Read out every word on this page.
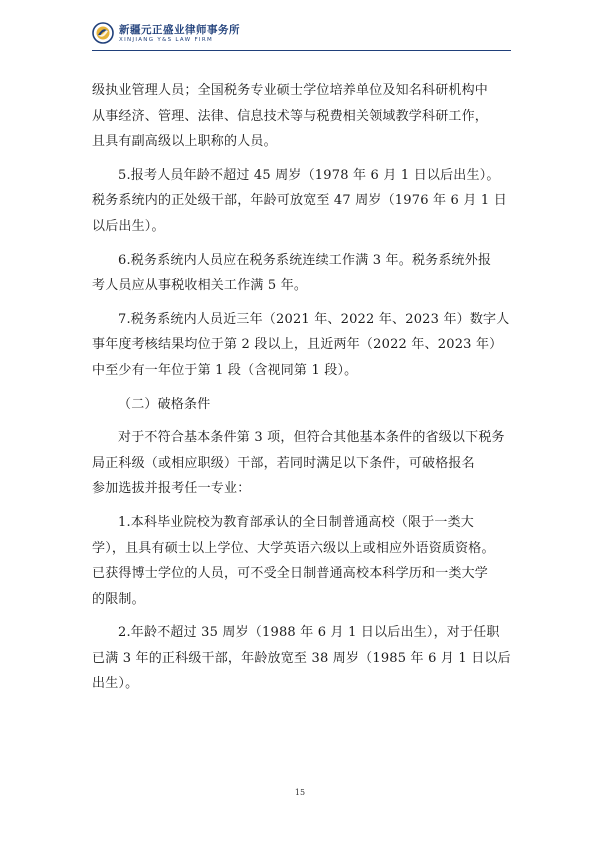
新疆元正盛业律师事务所
XINJIANG Y&S LAW FIRM
级执业管理人员；全国税务专业硕士学位培养单位及知名科研机构中
从事经济、管理、法律、信息技术等与税费相关领域教学科研工作，
且具有副高级以上职称的人员。
5.报考人员年龄不超过 45 周岁（1978 年 6 月 1 日以后出生）。
税务系统内的正处级干部，年龄可放宽至 47 周岁（1976 年 6 月 1 日
以后出生）。
6.税务系统内人员应在税务系统连续工作满 3 年。税务系统外报
考人员应从事税收相关工作满 5 年。
7.税务系统内人员近三年（2021 年、2022 年、2023 年）数字人
事年度考核结果均位于第 2 段以上，且近两年（2022 年、2023 年）
中至少有一年位于第 1 段（含视同第 1 段）。
（二）破格条件
对于不符合基本条件第 3 项，但符合其他基本条件的省级以下税务
局正科级（或相应职级）干部，若同时满足以下条件，可破格报名
参加选拔并报考任一专业：
1.本科毕业院校为教育部承认的全日制普通高校（限于一类大
学），且具有硕士以上学位、大学英语六级以上或相应外语资质资格。
已获得博士学位的人员，可不受全日制普通高校本科学历和一类大学
的限制。
2.年龄不超过 35 周岁（1988 年 6 月 1 日以后出生），对于任职
已满 3 年的正科级干部，年龄放宽至 38 周岁（1985 年 6 月 1 日以后
出生）。
15
